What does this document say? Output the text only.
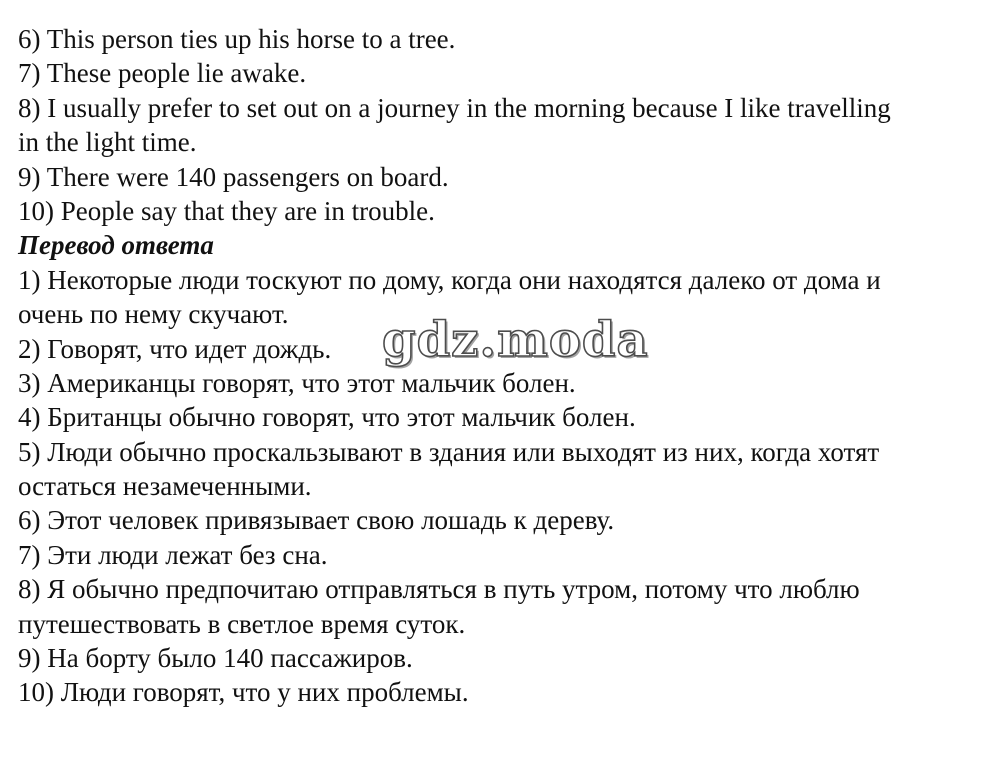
6) This person ties up his horse to a tree.
7) These people lie awake.
8) I usually prefer to set out on a journey in the morning because I like travelling
in the light time.
9) There were 140 passengers on board.
10) People say that they are in trouble.
Перевод ответа
1) Некоторые люди тоскуют по дому, когда они находятся далеко от дома и
очень по нему скучают.
2) Говорят, что идет дождь.
3) Американцы говорят, что этот мальчик болен.
4) Британцы обычно говорят, что этот мальчик болен.
5) Люди обычно проскальзывают в здания или выходят из них, когда хотят
остаться незамеченными.
6) Этот человек привязывает свою лошадь к дереву.
7) Эти люди лежат без сна.
8) Я обычно предпочитаю отправляться в путь утром, потому что люблю
путешествовать в светлое время суток.
9) На борту было 140 пассажиров.
10) Люди говорят, что у них проблемы.
gdz.moda
